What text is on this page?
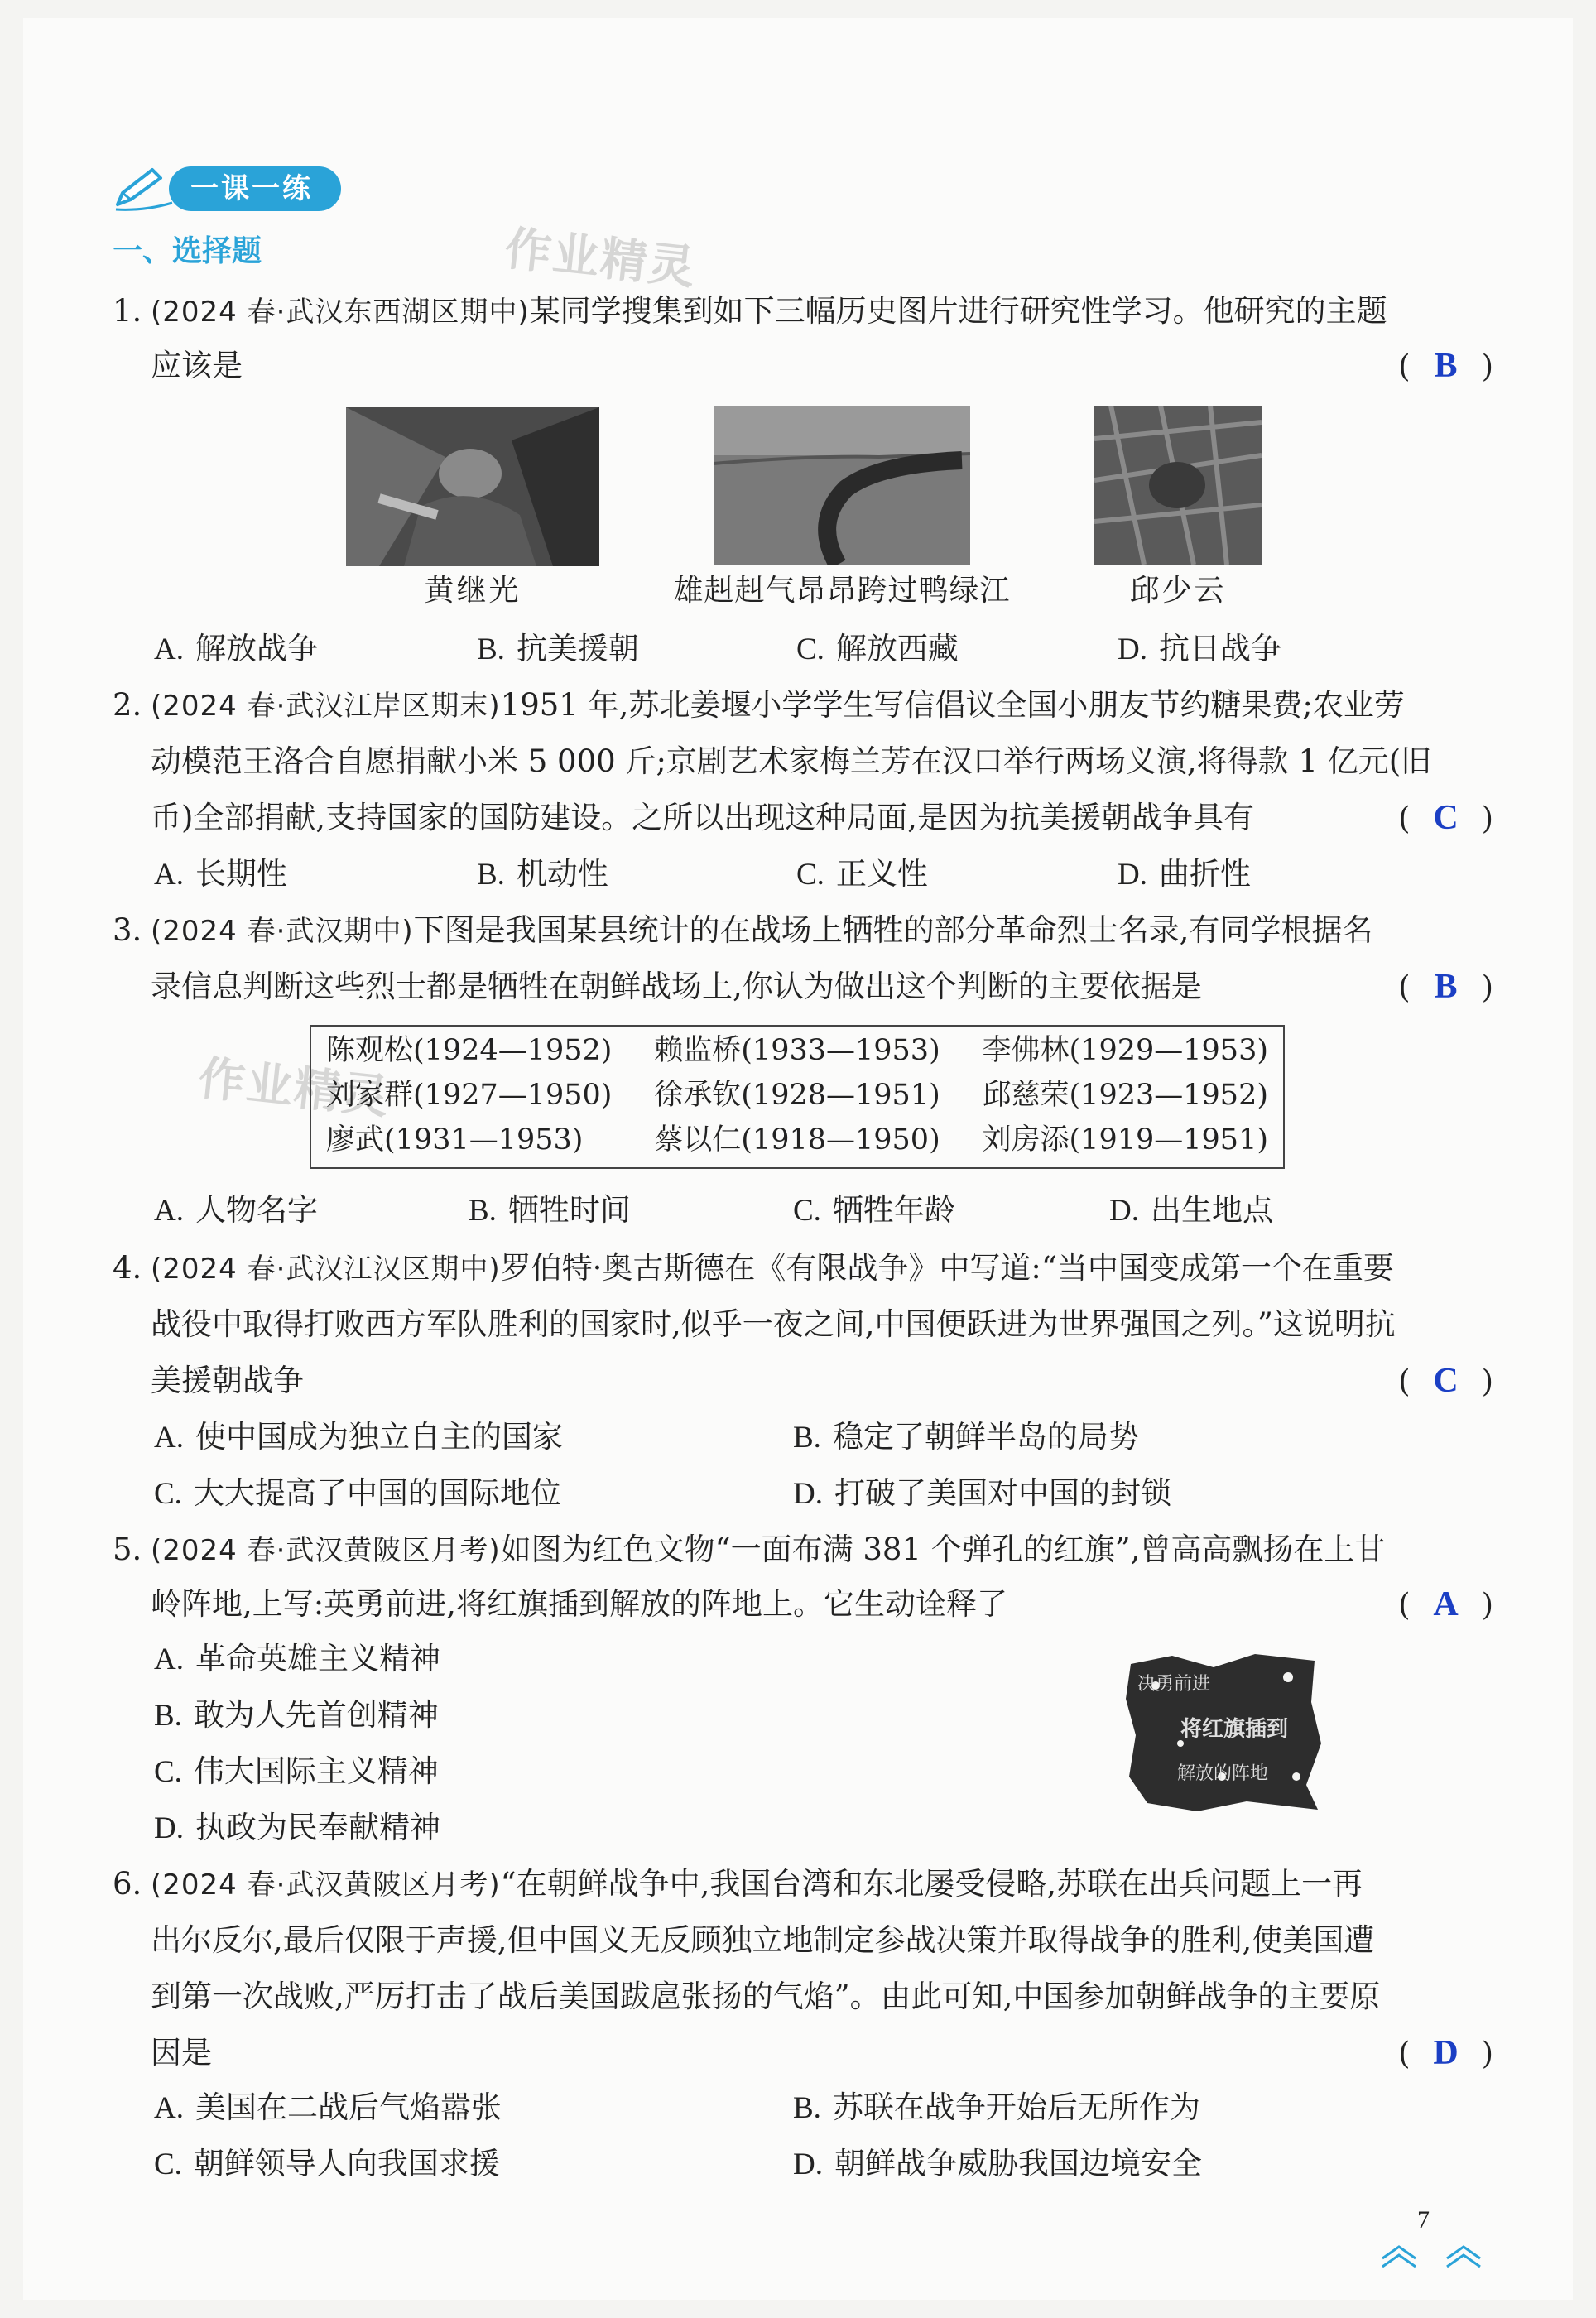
一课一练
一、选择题	作业精灵
作业精灵
1. (2024 春·武汉东西湖区期中)某同学搜集到如下三幅历史图片进行研究性学习。他研究的主题
应该是	( B )
黄继光	雄赳赳气昂昂跨过鸭绿江	邱少云
A. 解放战争	B. 抗美援朝	C. 解放西藏	D. 抗日战争
2. (2024 春·武汉江岸区期末)1951 年,苏北姜堰小学学生写信倡议全国小朋友节约糖果费;农业劳
动模范王洛合自愿捐献小米 5 000 斤;京剧艺术家梅兰芳在汉口举行两场义演,将得款 1 亿元(旧
币)全部捐献,支持国家的国防建设。之所以出现这种局面,是因为抗美援朝战争具有	( C )
A. 长期性	B. 机动性	C. 正义性	D. 曲折性
3. (2024 春·武汉期中)下图是我国某县统计的在战场上牺牲的部分革命烈士名录,有同学根据名
录信息判断这些烈士都是牺牲在朝鲜战场上,你认为做出这个判断的主要依据是	( B )
陈观松(1924—1952)	赖监桥(1933—1953)	李佛林(1929—1953)
刘家群(1927—1950)	徐承钦(1928—1951)	邱慈荣(1923—1952)
廖武(1931—1953)	蔡以仁(1918—1950)	刘房添(1919—1951)
A. 人物名字	B. 牺牲时间	C. 牺牲年龄	D. 出生地点
4. (2024 春·武汉江汉区期中)罗伯特·奥古斯德在《有限战争》中写道:“当中国变成第一个在重要
战役中取得打败西方军队胜利的国家时,似乎一夜之间,中国便跃进为世界强国之列。”这说明抗
美援朝战争	( C )
A. 使中国成为独立自主的国家	B. 稳定了朝鲜半岛的局势
C. 大大提高了中国的国际地位	D. 打破了美国对中国的封锁
5. (2024 春·武汉黄陂区月考)如图为红色文物“一面布满 381 个弹孔的红旗”,曾高高飘扬在上甘
岭阵地,上写:英勇前进,将红旗插到解放的阵地上。它生动诠释了	( A )
A. 革命英雄主义精神
B. 敢为人先首创精神
C. 伟大国际主义精神
D. 执政为民奉献精神
决勇前进
将红旗插到
解放的阵地
6. (2024 春·武汉黄陂区月考)“在朝鲜战争中,我国台湾和东北屡受侵略,苏联在出兵问题上一再
出尔反尔,最后仅限于声援,但中国义无反顾独立地制定参战决策并取得战争的胜利,使美国遭
到第一次战败,严厉打击了战后美国跋扈张扬的气焰”。由此可知,中国参加朝鲜战争的主要原
因是	( D )
A. 美国在二战后气焰嚣张	B. 苏联在战争开始后无所作为
C. 朝鲜领导人向我国求援	D. 朝鲜战争威胁我国边境安全
7
